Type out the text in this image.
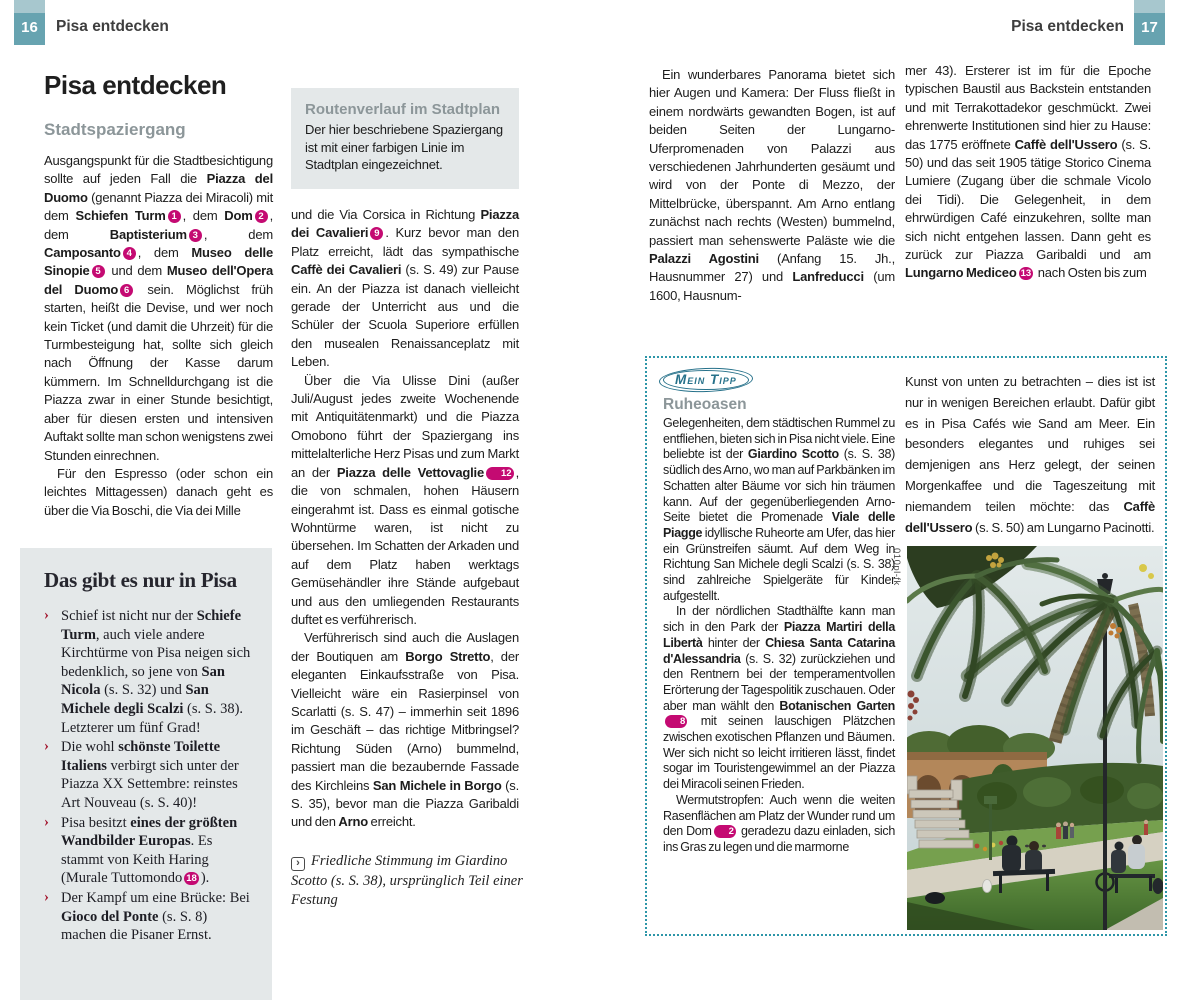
16	Pisa entdecken	Pisa entdecken	17
Pisa entdecken
Stadtspaziergang

Ausgangspunkt für die Stadtbesichtigung sollte auf jeden Fall die Piazza del Duomo (genannt Piazza dei Miracoli) mit dem Schiefen Turm 1 , dem Dom 2 , dem Baptisterium 3 , dem Camposanto 4 , dem Museo delle Sinopie 5 und dem Museo dell'Opera del Duomo 6 sein. Möglichst früh starten, heißt die Devise, und wer noch kein Ticket (und damit die Uhrzeit) für die Turmbesteigung hat, sollte sich gleich nach Öffnung der Kasse darum kümmern. Im Schnelldurchgang ist die Piazza zwar in einer Stunde besichtigt, aber für diesen ersten und intensiven Auftakt sollte man schon wenigstens zwei Stunden einrechnen.

Für den Espresso (oder schon ein leichtes Mittagessen) danach geht es über die Via Boschi, die Via dei Mille

Das gibt es nur in Pisa
› Schief ist nicht nur der Schiefe Turm, auch viele andere Kirchtürme von Pisa neigen sich bedenklich, so jene von San Nicola (s. S. 32) und San Michele degli Scalzi (s. S. 38). Letzterer um fünf Grad!
› Die wohl schönste Toilette Italiens verbirgt sich unter der Piazza XX Settembre: reinstes Art Nouveau (s. S. 40)!
› Pisa besitzt eines der größten Wandbilder Europas. Es stammt von Keith Haring (Murale Tuttomondo 18 ).
› Der Kampf um eine Brücke: Bei Gioco del Ponte (s. S. 8) machen die Pisaner Ernst.
Routenverlauf im Stadtplan

Der hier beschriebene Spaziergang ist mit einer farbigen Linie im Stadtplan eingezeichnet.

und die Via Corsica in Richtung Piazza dei Cavalieri 9 . Kurz bevor man den Platz erreicht, lädt das sympathische Caffè dei Cavalieri (s. S. 49) zur Pause ein. An der Piazza ist danach vielleicht gerade der Unterricht aus und die Schüler der Scuola Superiore erfüllen den musealen Renaissanceplatz mit Leben.

Über die Via Ulisse Dini (außer Juli/August jedes zweite Wochenende mit Antiquitätenmarkt) und die Piazza Omobono führt der Spaziergang ins mittelalterliche Herz Pisas und zum Markt an der Piazza delle Vettovaglie 12 , die von schmalen, hohen Häusern eingerahmt ist. Dass es einmal gotische Wohntürme waren, ist nicht zu übersehen. Im Schatten der Arkaden und auf dem Platz haben werktags Gemüsehändler ihre Stände aufgebaut und aus den umliegenden Restaurants duftet es verführerisch.

Verführerisch sind auch die Auslagen der Boutiquen am Borgo Stretto, der eleganten Einkaufsstraße von Pisa. Vielleicht wäre ein Rasierpinsel von Scarlatti (s. S. 47) – immerhin seit 1896 im Geschäft – das richtige Mitbringsel? Richtung Süden (Arno) bummelnd, passiert man die bezaubernde Fassade des Kirchleins San Michele in Borgo (s. S. 35), bevor man die Piazza Garibaldi und den Arno erreicht.

› Friedliche Stimmung im Giardino Scotto (s. S. 38), ursprünglich Teil einer Festung

Ein wunderbares Panorama bietet sich hier Augen und Kamera: Der Fluss fließt in einem nordwärts gewandten Bogen, ist auf beiden Seiten der Lungarno-Uferpromenaden von Palazzi aus verschiedenen Jahrhunderten gesäumt und wird von der Ponte di Mezzo, der Mittelbrücke, überspannt. Am Arno entlang zunächst nach rechts (Westen) bummelnd, passiert man sehenswerte Paläste wie die Palazzi Agostini (Anfang 15. Jh., Hausnummer 27) und Lanfreducci (um 1600, Hausnum-

mer 43). Ersterer ist im für die Epoche typischen Baustil aus Backstein entstanden und mit Terrakottadekor geschmückt. Zwei ehrenwerte Institutionen sind hier zu Hause: das 1775 eröffnete Caffè dell'Ussero (s. S. 50) und das seit 1905 tätige Storico Cinema Lumiere (Zugang über die schmale Vicolo dei Tidi). Die Gelegenheit, in dem ehrwürdigen Café einzukehren, sollte man sich nicht entgehen lassen. Dann geht es zurück zur Piazza Garibaldi und am Lungarno Mediceo 13 nach Osten bis zum

Mein Tipp
Ruheoasen

Gelegenheiten, dem städtischen Rummel zu entfliehen, bieten sich in Pisa nicht viele. Eine beliebte ist der Giardino Scotto (s. S. 38) südlich des Arno, wo man auf Parkbänken im Schatten alter Bäume vor sich hin träumen kann. Auf der gegenüberliegenden Arno-Seite bietet die Promenade Viale delle Piagge idyllische Ruheorte am Ufer, das hier ein Grünstreifen säumt. Auf dem Weg in Richtung San Michele degli Scalzi (s. S. 38) sind zahlreiche Spielgeräte für Kinder aufgestellt.

In der nördlichen Stadthälfte kann man sich in den Park der Piazza Martiri della Libertà hinter der Chiesa Santa Catarina d'Alessandria (s. S. 32) zurückziehen und den Rentnern bei der temperamentvollen Erörterung der Tagespolitik zuschauen. Oder aber man wählt den Botanischen Garten8 mit seinen lauschigen Plätzchen zwischen exotischen Pflanzen und Bäumen. Wer sich nicht so leicht irritieren lässt, findet sogar im Touristengewimmel an der Piazza dei Miracoli seinen Frieden.

Wermutstropfen: Auch wenn die weiten Rasenflächen am Platz der Wunder rund um den Dom 2 geradezu dazu einladen, sich ins Gras zu legen und die marmorne

Kunst von unten zu betrachten – dies ist ist nur in wenigen Bereichen erlaubt. Dafür gibt es in Pisa Cafés wie Sand am Meer. Ein besonders elegantes und ruhiges sei demjenigen ans Herz gelegt, der seinen Morgenkaffee und die Tageszeitung mit niemandem teilen möchte: das Caffè dell'Ussero (s. S. 50) am Lungarno Pacinotti.

010pl-fk
